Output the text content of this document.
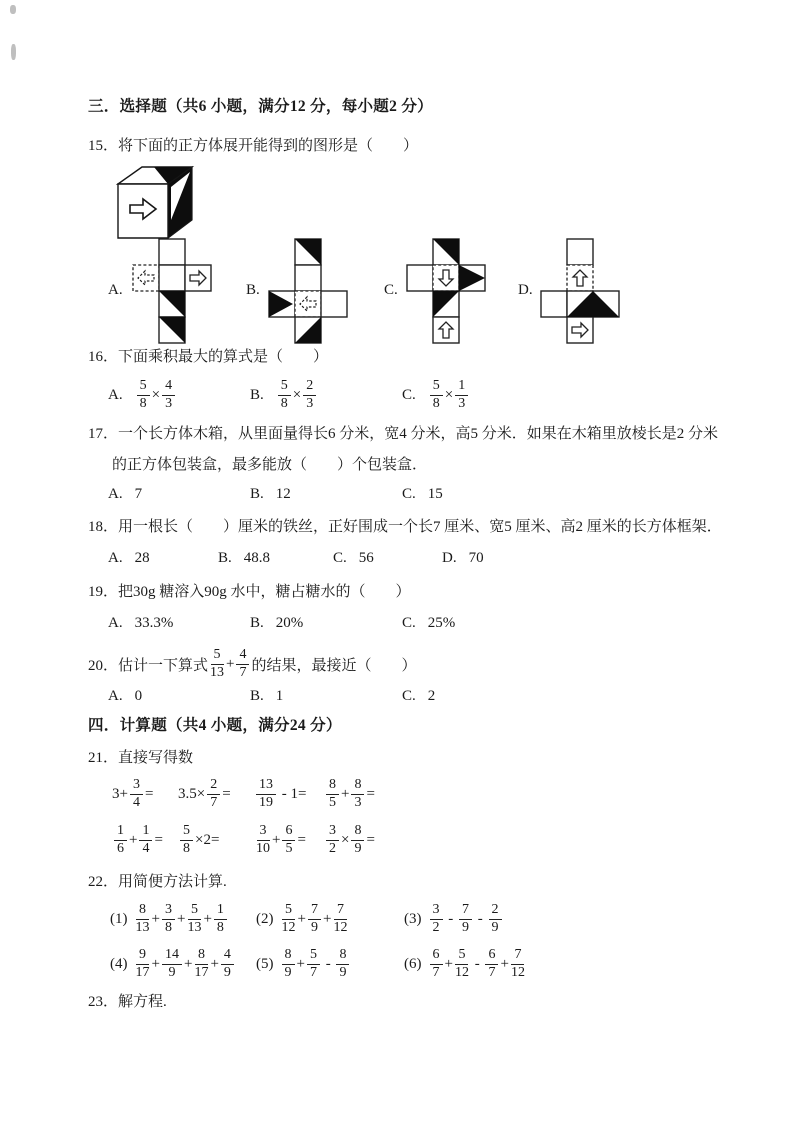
三．选择题（共6 小题，满分12 分，每小题2 分）
15．将下面的正方体展开能得到的图形是（　　）
A.	B.	C.	D.
16．下面乘积最大的算式是（　　）
A. $\frac{5}{8} \times \frac{4}{3}$	B. $\frac{5}{8} \times \frac{2}{3}$	C. $\frac{5}{8} \times \frac{1}{3}$
17．一个长方体木箱，从里面量得长6 分米，宽4 分米，高5 分米．如果在木箱里放棱长是2 分米
的正方体包装盒，最多能放（　　）个包装盒．
A. 7	B. 12	C. 15
18．用一根长（　　）厘米的铁丝，正好围成一个长7 厘米、宽5 厘米、高2 厘米的长方体框架．
A. 28	B. 48.8	C. 56	D. 70
19．把30g 糖溶入90g 水中，糖占糖水的（　　）
A. 33.3%	B. 20%	C. 25%
20．估计一下算式 $\frac{5}{13} + \frac{4}{7}$ 的结果，最接近（　　）
A. 0	B. 1	C. 2
四．计算题（共4 小题，满分24 分）
21．直接写得数
$3+ \frac{3}{4} = 3.5\times \frac{2}{7} = \frac{13}{19} - 1= \frac{8}{5} + \frac{8}{3}$ =
$\frac{1}{6} + \frac{1}{4} = \frac{5}{8} \times 2=$	$\frac{3}{10} + \frac{6}{5} = \frac{3}{2} \times \frac{8}{9}$ =
22．用简便方法计算.
$(1) \frac{8}{13} + \frac{3}{8} + \frac{5}{13} + \frac{1}{8} (2) \frac{5}{12} + \frac{7}{9} + \frac{7}{12}$	$(3) \frac{3}{2} - \frac{7}{9} - \frac{2}{9}$
$(4) \frac{9}{17} + \frac{14}{9} + \frac{8}{17} + \frac{4}{9} (5) \frac{8}{9} + \frac{5}{7} - \frac{8}{9}$	$(6) \frac{6}{7} + \frac{5}{12} - \frac{6}{7} + \frac{7}{12}$
23．解方程.
